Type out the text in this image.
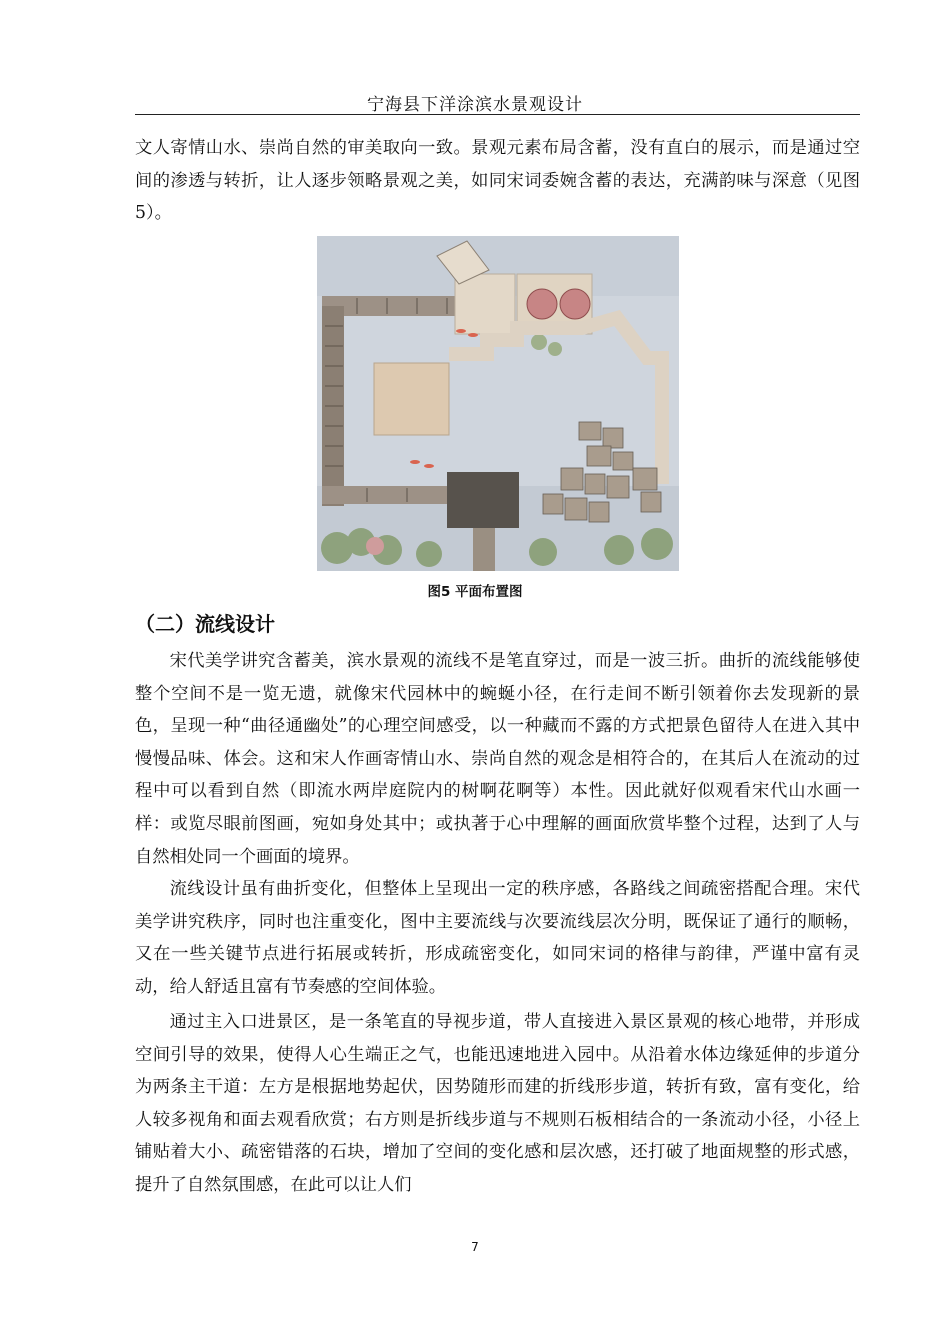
宁海县下洋涂滨水景观设计

文人寄情山水、崇尚自然的审美取向一致。景观元素布局含蓄，没有直白的展示，而是通过空间的渗透与转折，让人逐步领略景观之美，如同宋词委婉含蓄的表达，充满韵味与深意（见图5）。

图5 平面布置图
（二）流线设计

宋代美学讲究含蓄美，滨水景观的流线不是笔直穿过，而是一波三折。曲折的流线能够使整个空间不是一览无遗，就像宋代园林中的蜿蜒小径，在行走间不断引领着你去发现新的景色，呈现一种“曲径通幽处”的心理空间感受，以一种藏而不露的方式把景色留待人在进入其中慢慢品味、体会。这和宋人作画寄情山水、崇尚自然的观念是相符合的，在其后人在流动的过程中可以看到自然（即流水两岸庭院内的树啊花啊等）本性。因此就好似观看宋代山水画一样：或览尽眼前图画，宛如身处其中；或执著于心中理解的画面欣赏毕整个过程，达到了人与自然相处同一个画面的境界。

流线设计虽有曲折变化，但整体上呈现出一定的秩序感，各路线之间疏密搭配合理。宋代美学讲究秩序，同时也注重变化，图中主要流线与次要流线层次分明，既保证了通行的顺畅，又在一些关键节点进行拓展或转折，形成疏密变化，如同宋词的格律与韵律，严谨中富有灵动，给人舒适且富有节奏感的空间体验。

通过主入口进景区，是一条笔直的导视步道，带人直接进入景区景观的核心地带，并形成空间引导的效果，使得人心生端正之气，也能迅速地进入园中。从沿着水体边缘延伸的步道分为两条主干道：左方是根据地势起伏，因势随形而建的折线形步道，转折有致，富有变化，给人较多视角和面去观看欣赏；右方则是折线步道与不规则石板相结合的一条流动小径，小径上铺贴着大小、疏密错落的石块，增加了空间的变化感和层次感，还打破了地面规整的形式感，提升了自然氛围感，在此可以让人们

7
